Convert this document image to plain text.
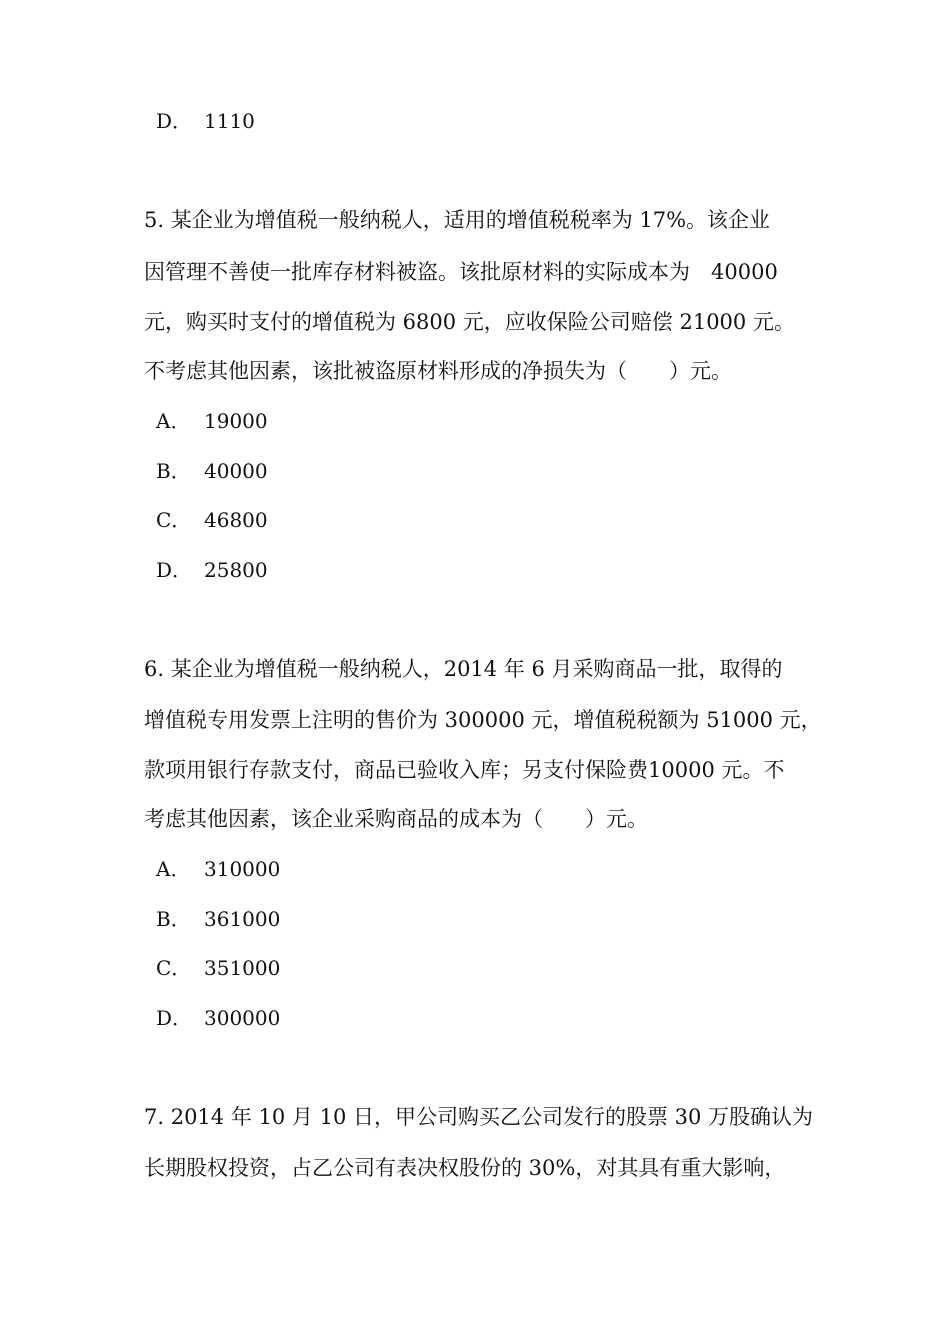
D． 1110
5. 某企业为增值税一般纳税人，适用的增值税税率为 17%。该企业
因管理不善使一批库存材料被盗。该批原材料的实际成本为　40000
元，购买时支付的增值税为 6800 元，应收保险公司赔偿 21000 元。
不考虑其他因素，该批被盗原材料形成的净损失为（　　）元。
A． 19000
B． 40000
C． 46800
D． 25800
6. 某企业为增值税一般纳税人，2014 年 6 月采购商品一批，取得的
增值税专用发票上注明的售价为 300000 元，增值税税额为 51000 元，
款项用银行存款支付，商品已验收入库；另支付保险费10000 元。不
考虑其他因素，该企业采购商品的成本为（　　）元。
A． 310000
B． 361000
C． 351000
D． 300000
7. 2014 年 10 月 10 日，甲公司购买乙公司发行的股票 30 万股确认为
长期股权投资，占乙公司有表决权股份的 30%，对其具有重大影响，
